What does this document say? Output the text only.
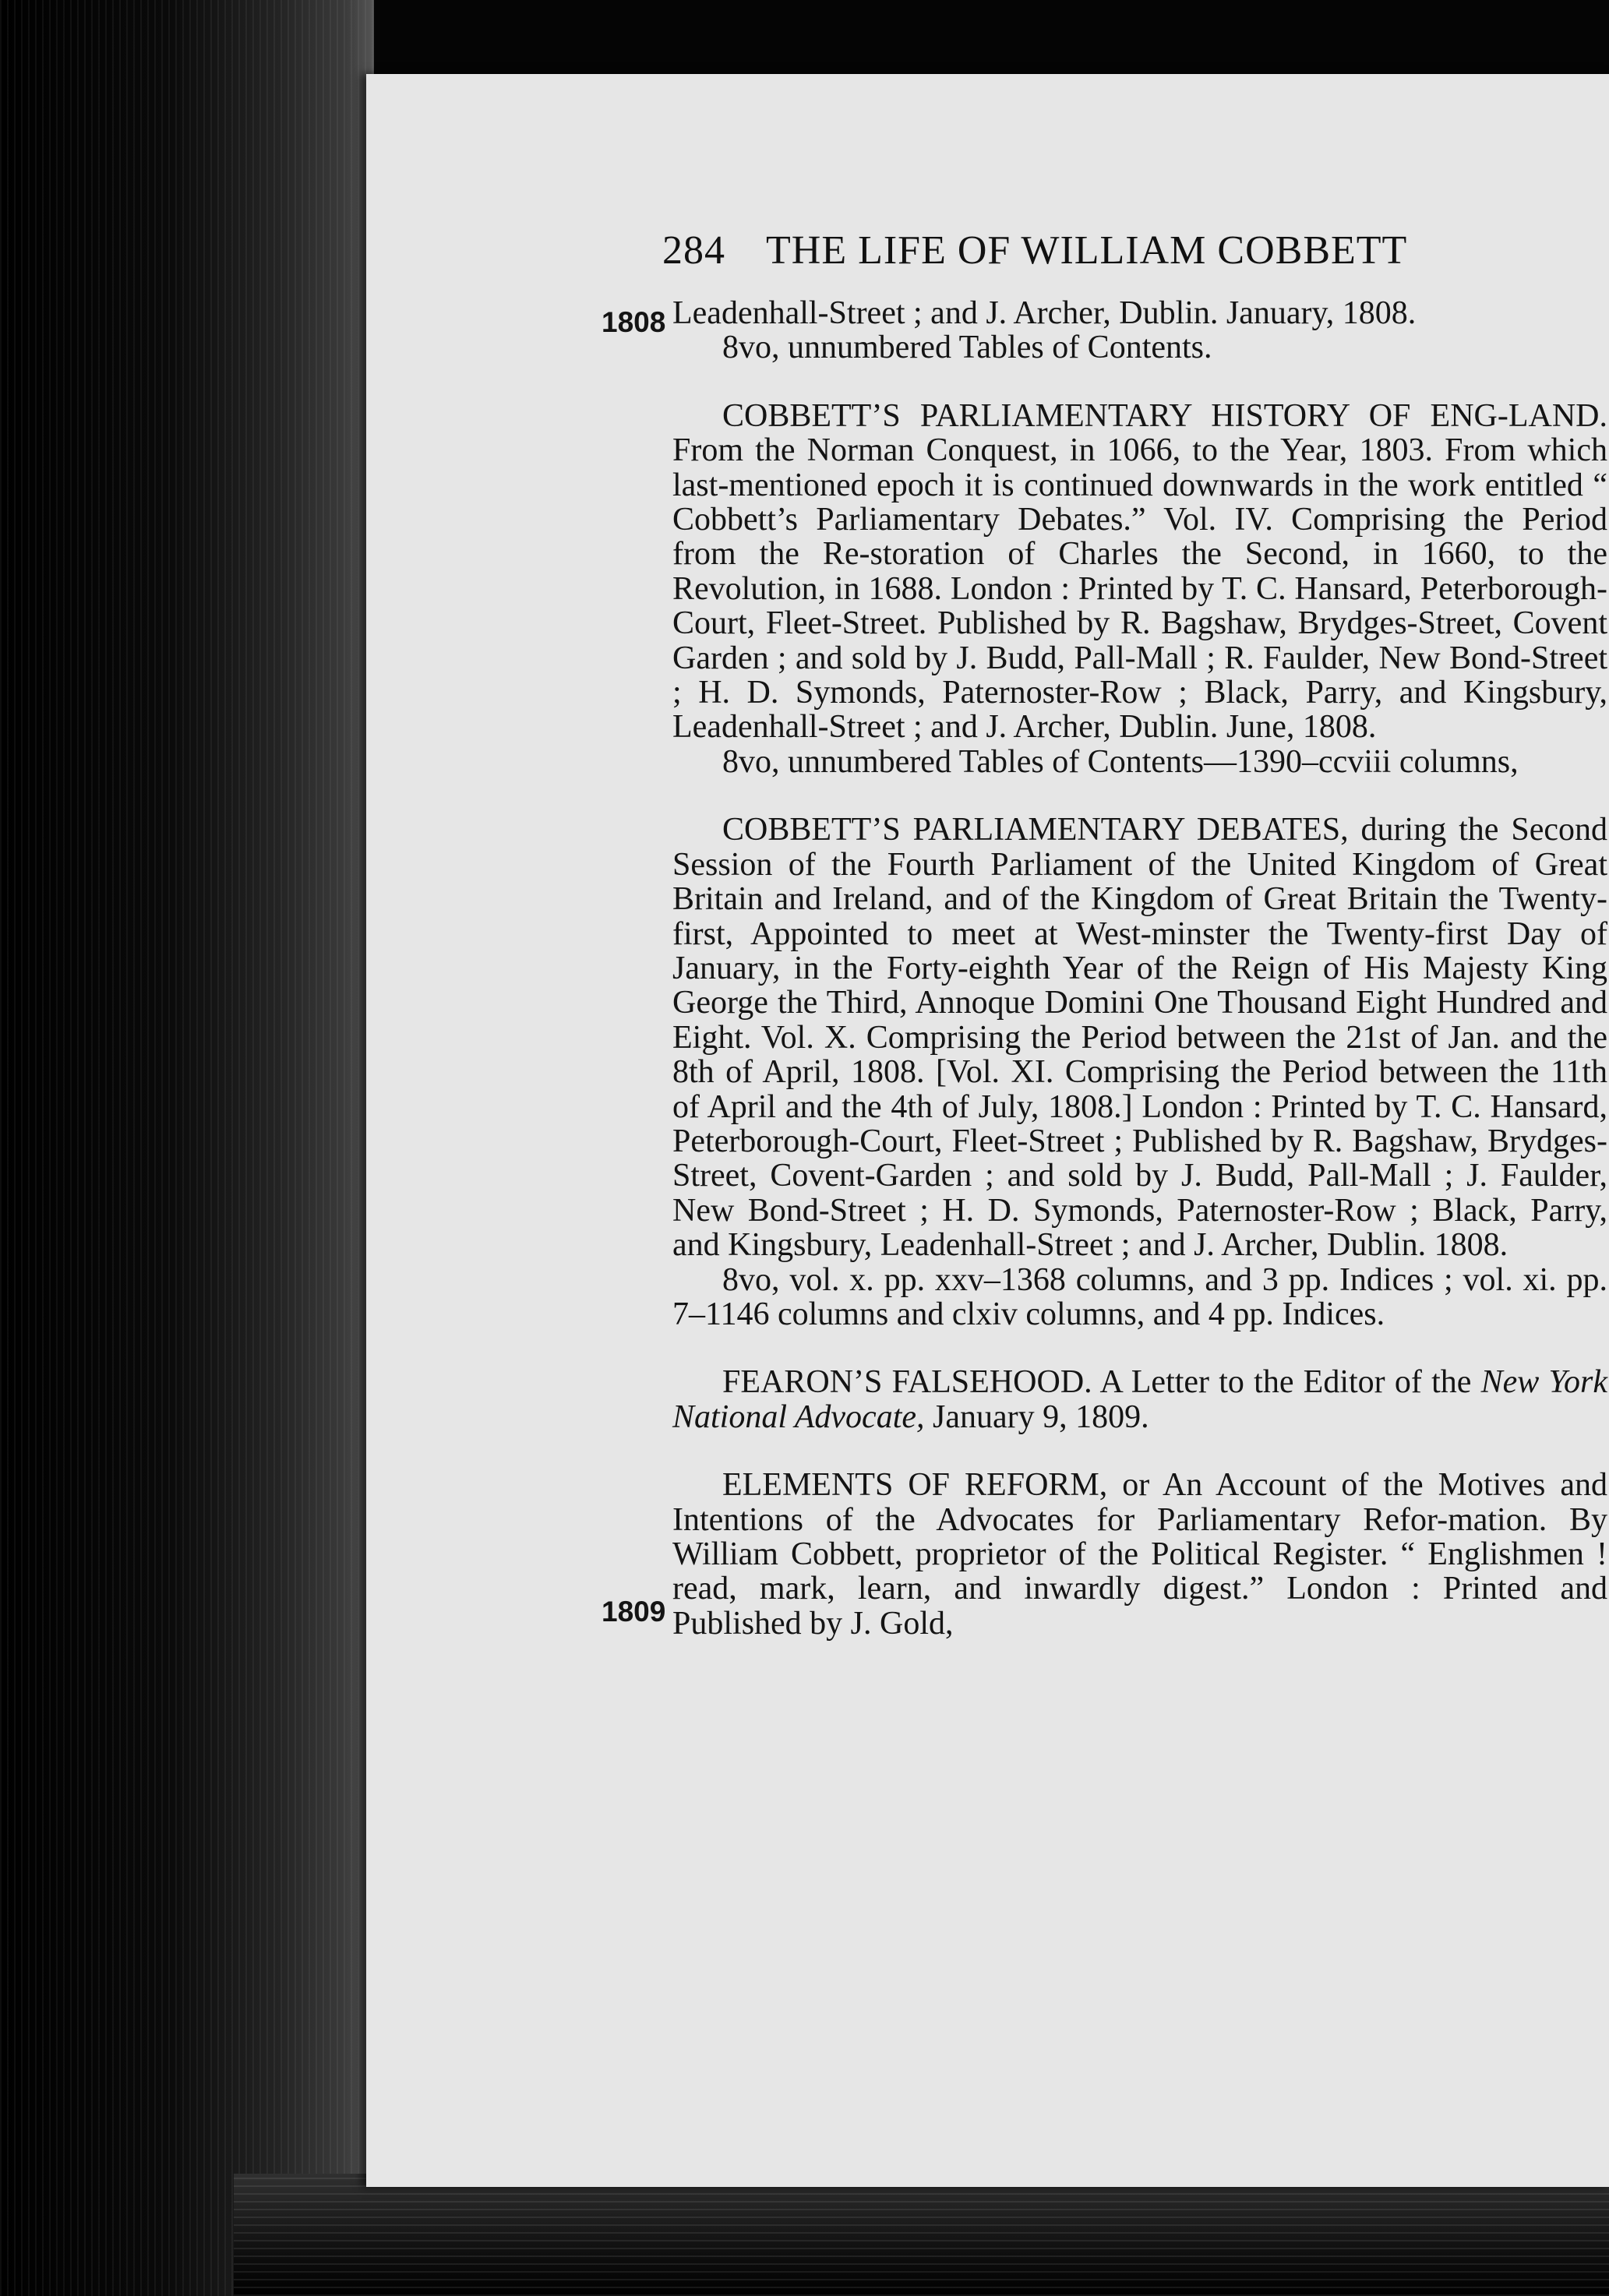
284 THE LIFE OF WILLIAM COBBETT
1808
1809

Leadenhall-Street ; and J. Archer, Dublin. January, 1808.

8vo, unnumbered Tables of Contents.

COBBETT’S PARLIAMENTARY HISTORY OF ENG-LAND. From the Norman Conquest, in 1066, to the Year, 1803. From which last-mentioned epoch it is continued downwards in the work entitled “ Cobbett’s Parliamentary Debates.” Vol. IV. Comprising the Period from the Re-storation of Charles the Second, in 1660, to the Revolution, in 1688. London : Printed by T. C. Hansard, Peterborough-Court, Fleet-Street. Published by R. Bagshaw, Brydges-Street, Covent Garden ; and sold by J. Budd, Pall-Mall ; R. Faulder, New Bond-Street ; H. D. Symonds, Paternoster-Row ; Black, Parry, and Kingsbury, Leadenhall-Street ; and J. Archer, Dublin. June, 1808.

8vo, unnumbered Tables of Contents—1390–ccviii columns,

COBBETT’S PARLIAMENTARY DEBATES, during the Second Session of the Fourth Parliament of the United Kingdom of Great Britain and Ireland, and of the Kingdom of Great Britain the Twenty-first, Appointed to meet at West-minster the Twenty-first Day of January, in the Forty-eighth Year of the Reign of His Majesty King George the Third, Annoque Domini One Thousand Eight Hundred and Eight. Vol. X. Comprising the Period between the 21st of Jan. and the 8th of April, 1808. [Vol. XI. Comprising the Period between the 11th of April and the 4th of July, 1808.] London : Printed by T. C. Hansard, Peterborough-Court, Fleet-Street ; Published by R. Bagshaw, Brydges-Street, Covent-Garden ; and sold by J. Budd, Pall-Mall ; J. Faulder, New Bond-Street ; H. D. Symonds, Paternoster-Row ; Black, Parry, and Kingsbury, Leadenhall-Street ; and J. Archer, Dublin. 1808.

8vo, vol. x. pp. xxv–1368 columns, and 3 pp. Indices ; vol. xi. pp. 7–1146 columns and clxiv columns, and 4 pp. Indices.

FEARON’S FALSEHOOD. A Letter to the Editor of the New York National Advocate, January 9, 1809.

ELEMENTS OF REFORM, or An Account of the Motives and Intentions of the Advocates for Parliamentary Refor-mation. By William Cobbett, proprietor of the Political Register. “ Englishmen ! read, mark, learn, and inwardly digest.” London : Printed and Published by J. Gold,
